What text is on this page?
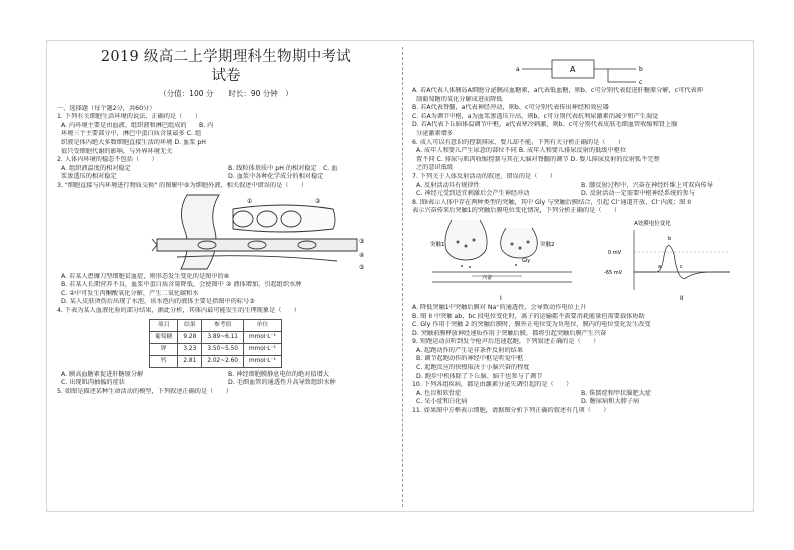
2019 级高二上学期理科生物期中考试
试卷
（分值：100 分　　时长：90 分钟　）

一、选择题（每个题2分，共60分）

1. 下列有关细胞生活环境的说法，正确的是（　　）

A. 内环境主要是由血液、组织液和淋巴组成的　　B. 内

环境三个主要部分中，淋巴中蛋白质含量最多 C. 组

织液是体内绝大多数细胞直接生活的环境 D. 血浆 pH

值只受细胞代谢的影响，与外界环境无关

2. 人体内环境的稳态不包括（　　）

A. 组织液温度的相对稳定	B. 线粒体基质中 pH 的相对稳定　C. 血
浆渗透压的相对稳定	D. 血浆中各种化学成分的相对稳定

3. "细胞直接与内环境进行物质交换" 的图解中⑤为细胞外液，相关叙述中错误的是（　　）

①	②
③
④
⑤

A. 若某人患镰刀型细胞贫血症，则形态发生变化的是图中的⑥

B. 若某人长期营养不良，血浆中蛋白质含量降低，会使图中 ② 液体增加，引起组织水肿

C. ②中可发生丙酮酸氧化分解，产生二氧化碳和水

D. 某人皮肤烫伤后出现了水泡，该水泡内的液体主要是指图中的标号③

4. 下表为某人血液化验的部分结果，据此分析，其体内最可能发生的生理现象是（　　）

项目	结果	参考值	单位
葡萄糖	9.28	3.89~6.11	mmol·L⁻¹
钾	3.23	3.50~5.50	mmol·L⁻¹
钙	2.81	2.02~2.60	mmol·L⁻¹
A. 胰高血糖素促进肝糖原分解	B. 神经细胞膜静息电位的绝对值增大
C. 出现肌肉抽搐的症状	D. 毛细血管的通透性升高导致组织水肿

5. 如图是描述某种生命活动的模型，下列叙述正确的是（　　）

a	A	b
c

A. 若A代表人体胰岛A细胞分泌胰高血糖素，a代表低血糖，则b、c可分别代表促进肝糖原分解，c可代表抑

制葡萄糖的氧化分解成进而降低

B. 若A代表脊髓，a代表神经冲动，则b、c可分别代表传出神经和效应器

C. 若A为调节中枢，a为血浆渗透压升高，则b、c可分别代表抗利尿激素的减少和产生渴觉

D. 若A代表下丘脑体温调节中枢，a代表寒冷刺激，则b、c可分别代表皮肤毛细血管收缩和肾上腺

分泌激素增多

6. 成人可以有意识的控制排尿，婴儿却不能，下列有关分析正确的是（　　）

A. 成年人和婴儿产生尿意的部位不同 B. 成年人和婴儿排尿反射的低级中枢位

置不同 C. 排尿与肌肉收缩控制与其在大脑对脊髓的调节 D. 婴儿排尿反射的反射弧不完整

之的意识低级

7. 下列关于人体反射活动的叙述，错误的是（　　）

A. 反射活动具有规律性	B. 膝反射过程中，兴奋在神经纤维上可双向传导
C. 神经元受到适宜刺激后会产生神经冲动	D. 反射活动一定需要中枢神经系统的参与

8. 图Ⅰ表示人体中存在两种类型的突触，其中 Gly 与突触后膜结合，引起 Cl⁻通道开放，Cl⁻内流；图 II

表示兴奋传来后突触1的突触后膜电位变化情况，下列分析正确的是（　　）

突触1	突触2
兴奋
Gly
I
A处膜电位变化
0 mV
-65 mV
a
b
c
II

A. 降低突触1中突触后膜对 Na⁺的通透性，会导致动作电位上升

B. 图 II 中突触 ab、bc 段电位变化时，离子的运输都不需要消耗能量但需要载体协助

C. Gly 作用于突触 2 的突触后膜时，膜外正电位变为负电位，膜内的电位变化发生改变

D. 突触前膜释放神经递质作用于突触后膜，都将引起突触后膜产生兴奋

9. 短跑运动员听到发令枪声后迅速起跑，下列叙述正确的是（　　）

A. 起跑动作的产生是非条件反射的结果

B. 调节起跑动作的神经中枢是听觉中枢

C. 起跑反应的快慢取决于小脑兴奋的程度

D. 跑步中机体除了下丘脑、脑干也参与了调节

10. 下列各组疾病，都是由激素分泌失调引起的是（　　）

A. 色盲和软骨症	B. 侏儒症和甲状腺肥大症
C. 呆小症和白化病	D. 糖尿病和大脖子病

11. 如果图中方框表示细胞，请据图分析下列正确的叙述有几项（　　）
